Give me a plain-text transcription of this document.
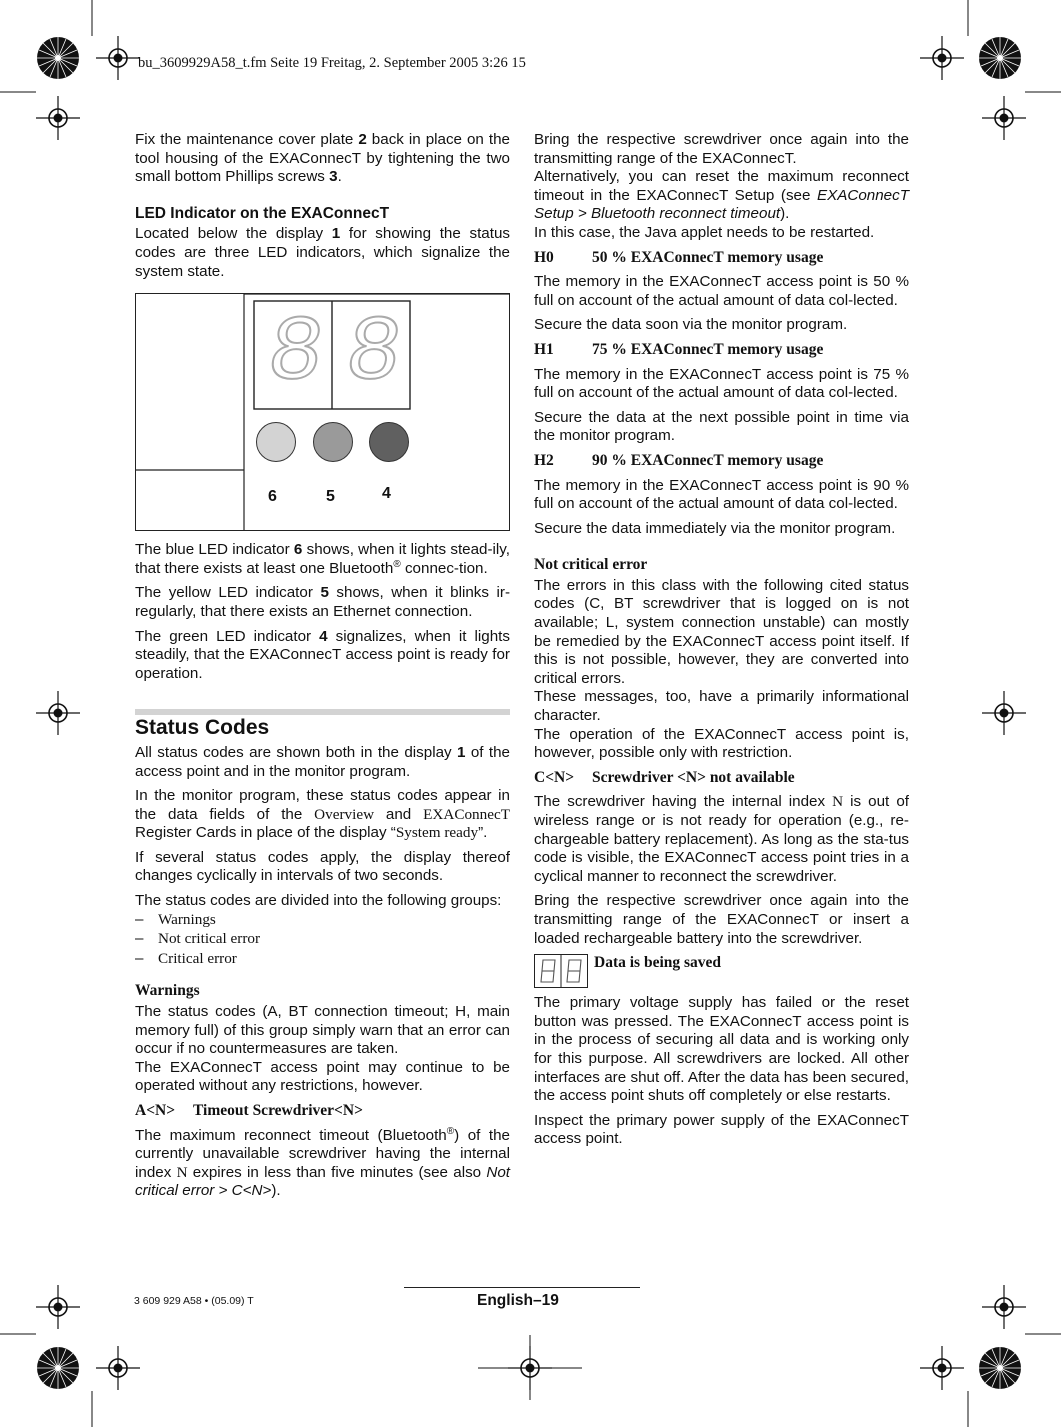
bu_3609929A58_t.fm Seite 19 Freitag, 2. September 2005 3:26 15

Fix the maintenance cover plate 2 back in place on the tool housing of the EXAConnecT by tightening the two small bottom Phillips screws 3.

LED Indicator on the EXAConnecT

Located below the display 1 for showing the status codes are three LED indicators, which signalize the system state.

8 8
6	5	4

The blue LED indicator 6 shows, when it lights stead-ily, that there exists at least one Bluetooth® connec-tion.

The yellow LED indicator 5 shows, when it blinks ir-regularly, that there exists an Ethernet connection.

The green LED indicator 4 signalizes, when it lights steadily, that the EXAConnecT access point is ready for operation.

Status Codes

All status codes are shown both in the display 1 of the access point and in the monitor program.

In the monitor program, these status codes appear in the data fields of the Overview and EXAConnecT Register Cards in place of the display “System ready”.

If several status codes apply, the display thereof changes cyclically in intervals of two seconds.

The status codes are divided into the following groups:

– Warnings
– Not critical error
– Critical error
Warnings

The status codes (A, BT connection timeout; H, main memory full) of this group simply warn that an error can occur if no countermeasures are taken.

The EXAConnecT access point may continue to be operated without any restrictions, however.

A<N>	Timeout Screwdriver<N>

The maximum reconnect timeout (Bluetooth®) of the currently unavailable screwdriver having the internal index N expires in less than five minutes (see also Not critical error > C<N>).

Bring the respective screwdriver once again into the transmitting range of the EXAConnecT.

Alternatively, you can reset the maximum reconnect timeout in the EXAConnecT Setup (see EXAConnecT Setup > Bluetooth reconnect timeout).

In this case, the Java applet needs to be restarted.

H0	50 % EXAConnecT memory usage

The memory in the EXAConnecT access point is 50 % full on account of the actual amount of data col-lected.

Secure the data soon via the monitor program.

H1	75 % EXAConnecT memory usage

The memory in the EXAConnecT access point is 75 % full on account of the actual amount of data col-lected.

Secure the data at the next possible point in time via the monitor program.

H2	90 % EXAConnecT memory usage

The memory in the EXAConnecT access point is 90 % full on account of the actual amount of data col-lected.

Secure the data immediately via the monitor program.

Not critical error

The errors in this class with the following cited status codes (C, BT screwdriver that is logged on is not available; L, system connection unstable) can mostly be remedied by the EXAConnecT access point itself. If this is not possible, however, they are converted into critical errors.

These messages, too, have a primarily informational character.

The operation of the EXAConnecT access point is, however, possible only with restriction.

C<N>	Screwdriver <N> not available

The screwdriver having the internal index N is out of wireless range or is not ready for operation (e.g., re-chargeable battery replacement). As long as the sta-tus code is visible, the EXAConnecT access point tries in a cyclical manner to reconnect the screwdriver.

Bring the respective screwdriver once again into the transmitting range of the EXAConnecT or insert a loaded rechargeable battery into the screwdriver.

Data is being saved

The primary voltage supply has failed or the reset button was pressed. The EXAConnecT access point is in the process of securing all data and is working only for this purpose. All screwdrivers are locked. All other interfaces are shut off. After the data has been secured, the access point shuts off completely or else restarts.

Inspect the primary power supply of the EXAConnecT access point.

3 609 929 A58 • (05.09) T	English–19
